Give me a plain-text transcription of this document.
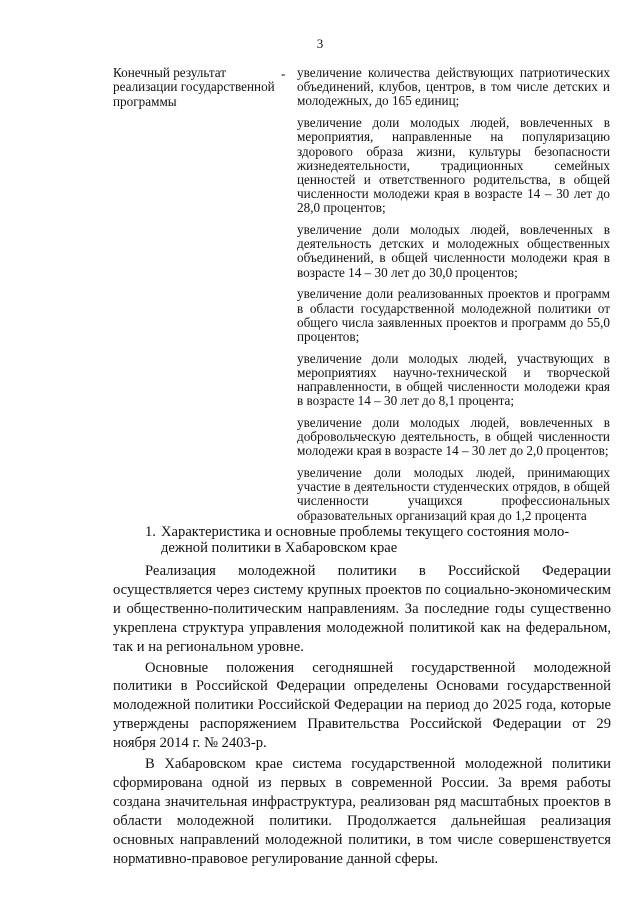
3
Конечный результат реализации государственной программы
- увеличение количества действующих патриотических объединений, клубов, центров, в том числе детских и молодежных, до 165 единиц;

увеличение доли молодых людей, вовлеченных в мероприятия, направленные на популяризацию здорового образа жизни, культуры безопасности жизнедеятельности, традиционных семейных ценностей и ответственного родительства, в общей численности молодежи края в возрасте 14 – 30 лет до 28,0 процентов;

увеличение доли молодых людей, вовлеченных в деятельность детских и молодежных общественных объединений, в общей численности молодежи края в возрасте 14 – 30 лет до 30,0 процентов;

увеличение доли реализованных проектов и программ в области государственной молодежной политики от общего числа заявленных проектов и программ до 55,0 процентов;

увеличение доли молодых людей, участвующих в мероприятиях научно-технической и творческой направленности, в общей численности молодежи края в возрасте 14 – 30 лет до 8,1 процента;

увеличение доли молодых людей, вовлеченных в добровольческую деятельность, в общей численности молодежи края в возрасте 14 – 30 лет до 2,0 процентов;

увеличение доли молодых людей, принимающих участие в деятельности студенческих отрядов, в общей численности учащихся профессиональных образовательных организаций края до 1,2 процента

1. Характеристика и основные проблемы текущего состояния моло-
дежной политики в Хабаровском крае

Реализация молодежной политики в Российской Федерации осуществляется через систему крупных проектов по социально-экономическим и общественно-политическим направлениям. За последние годы существенно укреплена структура управления молодежной политикой как на федеральном, так и на региональном уровне.

Основные положения сегодняшней государственной молодежной политики в Российской Федерации определены Основами государственной молодежной политики Российской Федерации на период до 2025 года, которые утверждены распоряжением Правительства Российской Федерации от 29 ноября 2014 г. № 2403-р.

В Хабаровском крае система государственной молодежной политики сформирована одной из первых в современной России. За время работы создана значительная инфраструктура, реализован ряд масштабных проектов в области молодежной политики. Продолжается дальнейшая реализация основных направлений молодежной политики, в том числе совершенствуется нормативно-правовое регулирование данной сферы.
